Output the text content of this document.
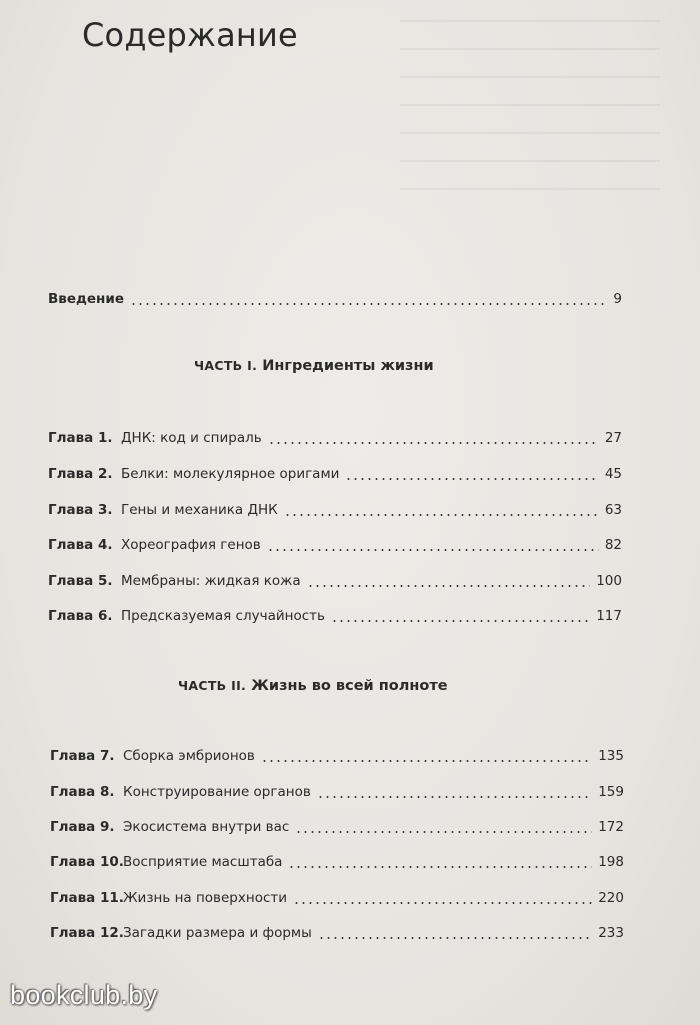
Содержание
Введение	9
ЧАСТЬ I. Ингредиенты жизни
Глава 1. ДНК: код и спираль	27
Глава 2. Белки: молекулярное оригами	45
Глава 3. Гены и механика ДНК	63
Глава 4. Хореография генов	82
Глава 5. Мембраны: жидкая кожа	100
Глава 6. Предсказуемая случайность	117
ЧАСТЬ II. Жизнь во всей полноте
Глава 7. Сборка эмбрионов	135
Глава 8. Конструирование органов	159
Глава 9. Экосистема внутри вас	172
Глава 10. Восприятие масштаба	198
Глава 11. Жизнь на поверхности	220
Глава 12. Загадки размера и формы	233
bookclub.by
